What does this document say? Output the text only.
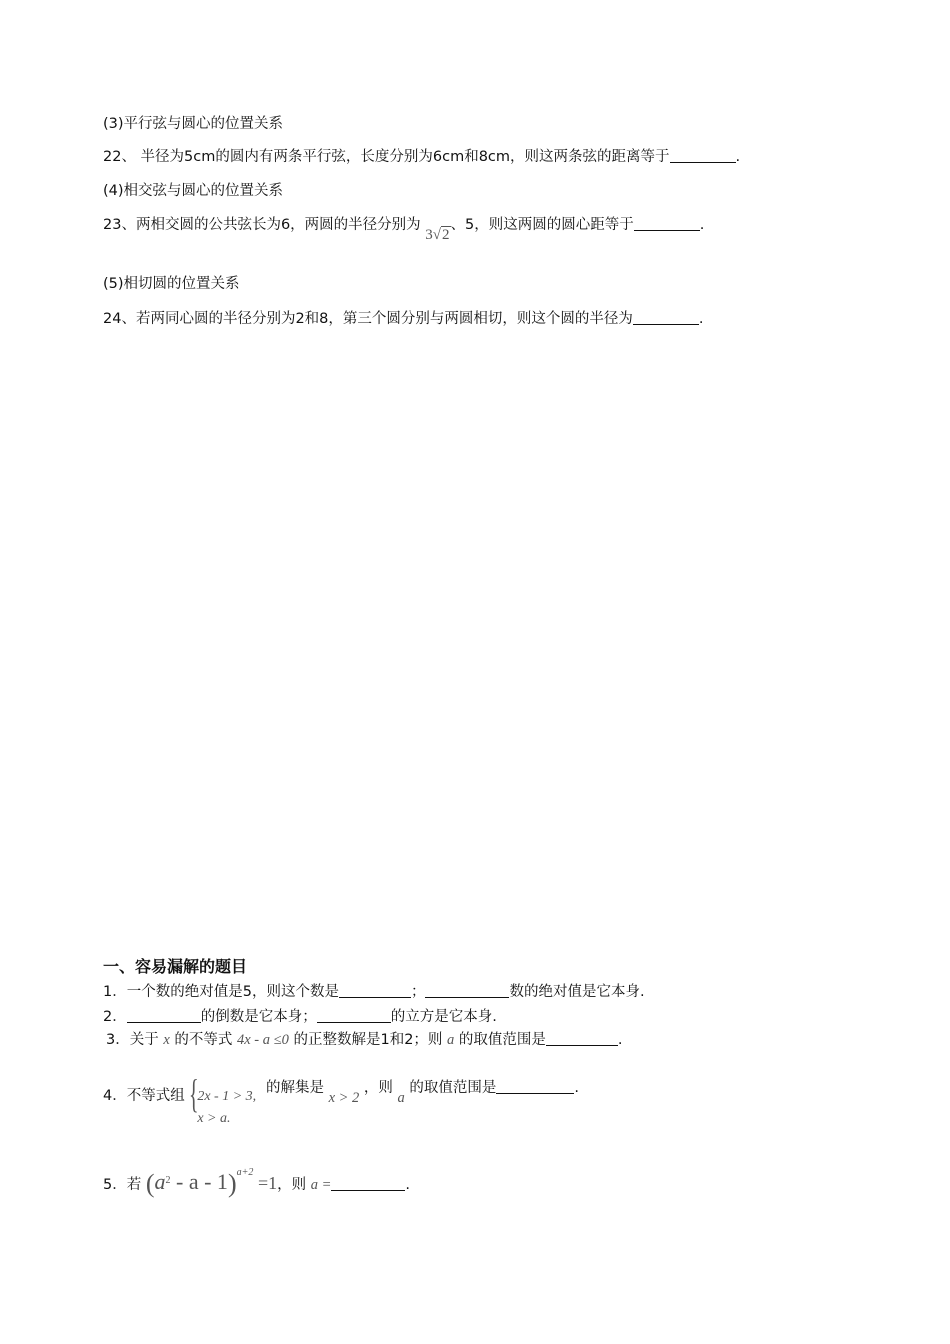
(3)平行弦与圆心的位置关系
22、 半径为5cm的圆内有两条平行弦，长度分别为6cm和8cm，则这两条弦的距离等于	.
(4)相交弦与圆心的位置关系
23、两相交圆的公共弦长为6，两圆的半径分别为 3√2、5，则这两圆的圆心距等于	.
(5)相切圆的位置关系
24、若两同心圆的半径分别为2和8，第三个圆分别与两圆相切，则这个圆的半径为	.
一、容易漏解的题目
1．一个数的绝对值是5，则这个数是	；	数的绝对值是它本身.
2．	的倒数是它本身；	的立方是它本身.
3．关于 x 的不等式 4x - a ≤0 的正整数解是1和2；则 a 的取值范围是	.
4．不等式组 {
2x - 1 > 3,
x > a.
的解集是 x > 2 ，则 a 的取值范围是	.
5．若 $(a^2 - a - 1)^{a+2} =1$，则 a =	.
